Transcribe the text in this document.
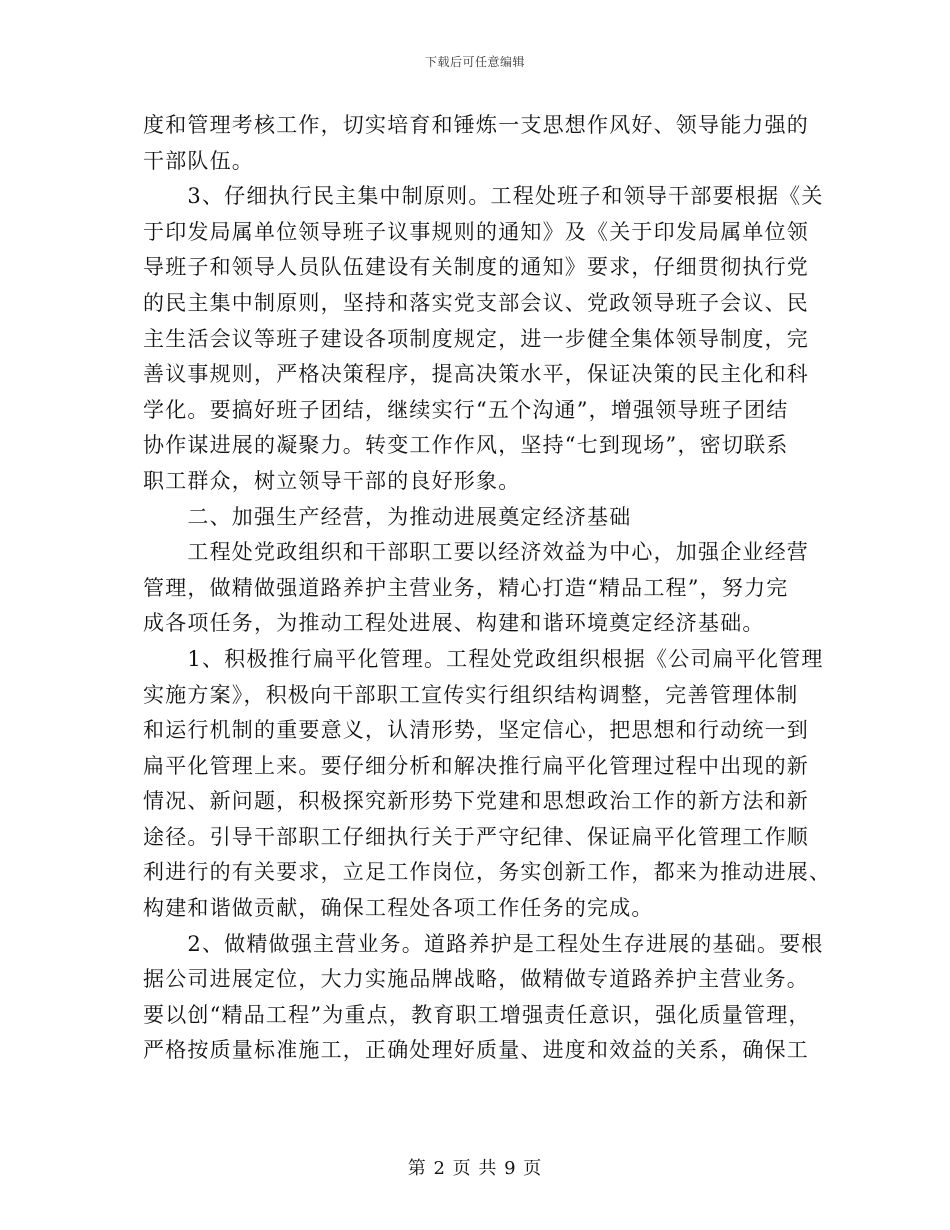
下载后可任意编辑
度和管理考核工作，切实培育和锤炼一支思想作风好、领导能力强的
干部队伍。
　　3、仔细执行民主集中制原则。工程处班子和领导干部要根据《关
于印发局属单位领导班子议事规则的通知》及《关于印发局属单位领
导班子和领导人员队伍建设有关制度的通知》要求，仔细贯彻执行党
的民主集中制原则，坚持和落实党支部会议、党政领导班子会议、民
主生活会议等班子建设各项制度规定，进一步健全集体领导制度，完
善议事规则，严格决策程序，提高决策水平，保证决策的民主化和科
学化。要搞好班子团结，继续实行“五个沟通”，增强领导班子团结
协作谋进展的凝聚力。转变工作作风，坚持“七到现场”，密切联系
职工群众，树立领导干部的良好形象。
　　二、加强生产经营，为推动进展奠定经济基础
　　工程处党政组织和干部职工要以经济效益为中心，加强企业经营
管理，做精做强道路养护主营业务，精心打造“精品工程”，努力完
成各项任务，为推动工程处进展、构建和谐环境奠定经济基础。
　　1、积极推行扁平化管理。工程处党政组织根据《公司扁平化管理
实施方案》，积极向干部职工宣传实行组织结构调整，完善管理体制
和运行机制的重要意义，认清形势，坚定信心，把思想和行动统一到
扁平化管理上来。要仔细分析和解决推行扁平化管理过程中出现的新
情况、新问题，积极探究新形势下党建和思想政治工作的新方法和新
途径。引导干部职工仔细执行关于严守纪律、保证扁平化管理工作顺
利进行的有关要求，立足工作岗位，务实创新工作，都来为推动进展、
构建和谐做贡献，确保工程处各项工作任务的完成。
　　2、做精做强主营业务。道路养护是工程处生存进展的基础。要根
据公司进展定位，大力实施品牌战略，做精做专道路养护主营业务。
要以创“精品工程”为重点，教育职工增强责任意识，强化质量管理，
严格按质量标准施工，正确处理好质量、进度和效益的关系，确保工
第 2 页 共 9 页
